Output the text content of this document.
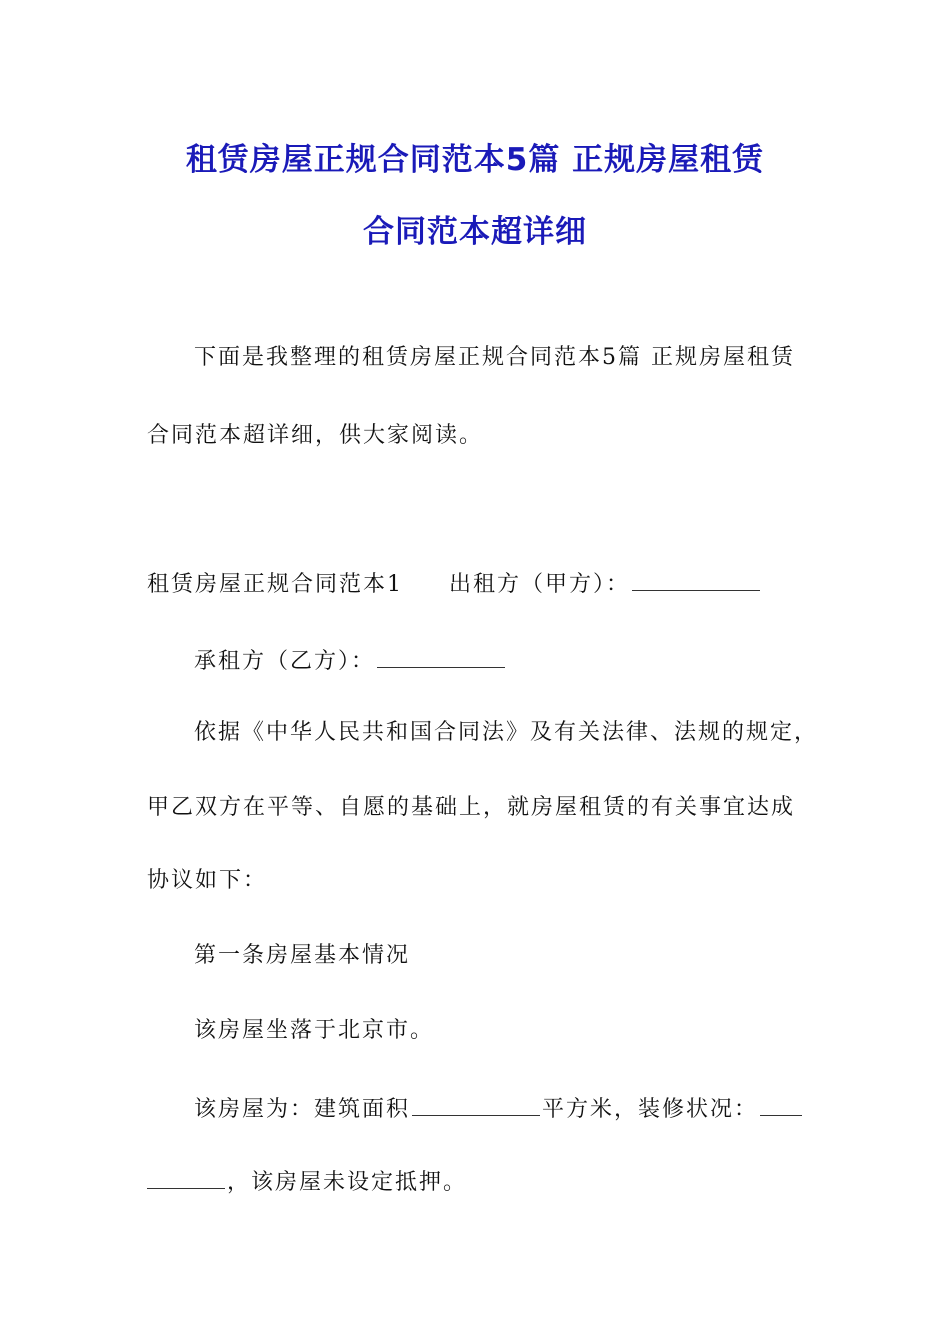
租赁房屋正规合同范本5篇 正规房屋租赁
合同范本超详细
下面是我整理的租赁房屋正规合同范本5篇 正规房屋租赁
合同范本超详细，供大家阅读。
租赁房屋正规合同范本1 出租方（甲方）：
承租方（乙方）：
依据《中华人民共和国合同法》及有关法律、法规的规定，
甲乙双方在平等、自愿的基础上，就房屋租赁的有关事宜达成
协议如下：
第一条房屋基本情况
该房屋坐落于北京市。
该房屋为：建筑面积	平方米，装修状况：
，该房屋未设定抵押。
